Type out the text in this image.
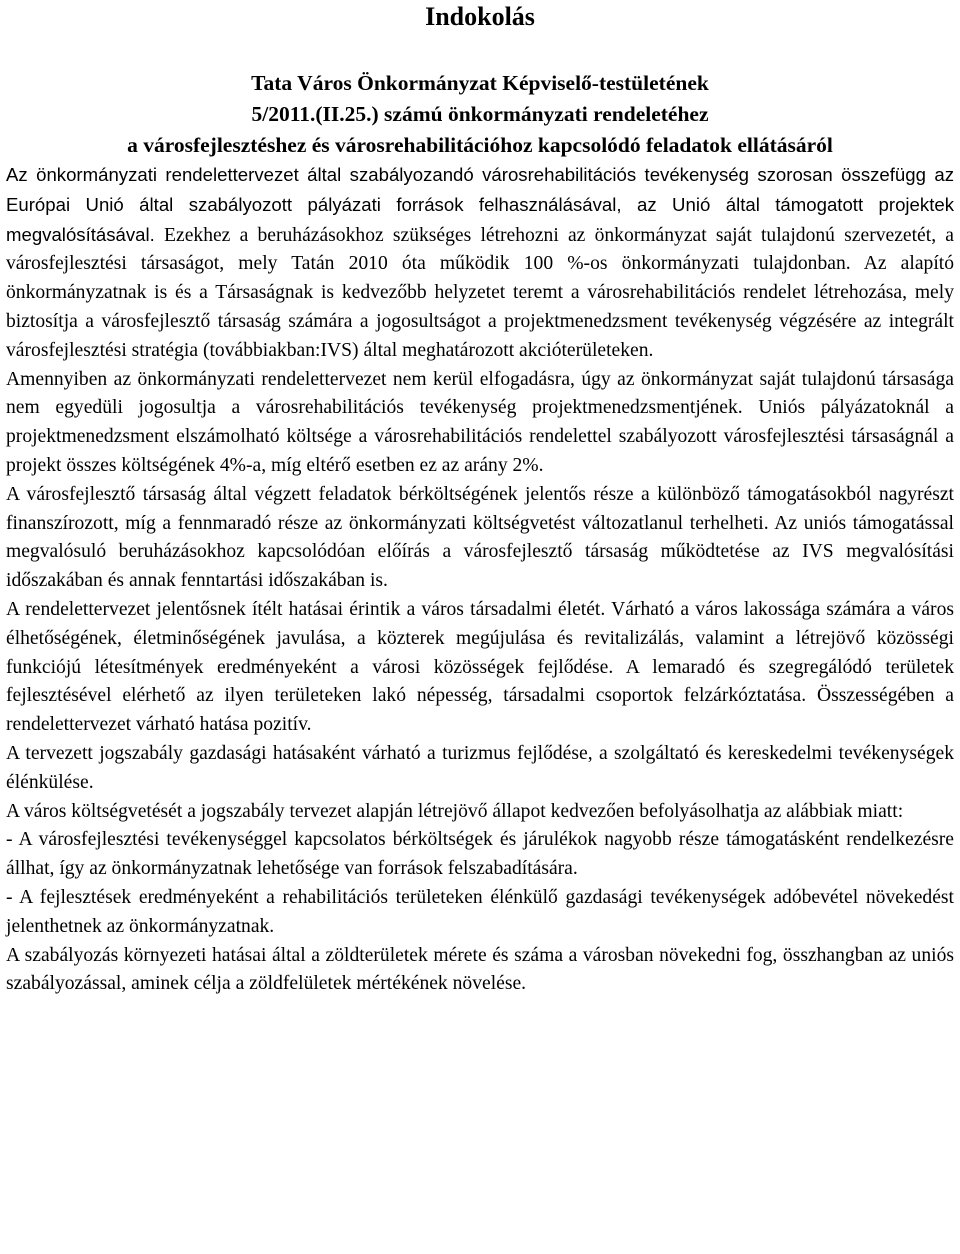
Indokolás
Tata Város Önkormányzat Képviselő-testületének
5/2011.(II.25.) számú önkormányzati rendeletéhez
a városfejlesztéshez és városrehabilitációhoz kapcsolódó feladatok ellátásáról
Az önkormányzati rendelettervezet által szabályozandó városrehabilitációs tevékenység szorosan összefügg az Európai Unió által szabályozott pályázati források felhasználásával, az Unió által támogatott projektek megvalósításával. Ezekhez a beruházásokhoz szükséges létrehozni az önkormányzat saját tulajdonú szervezetét, a városfejlesztési társaságot, mely Tatán 2010 óta működik 100 %-os önkormányzati tulajdonban. Az alapító önkormányzatnak is és a Társaságnak is kedvezőbb helyzetet teremt a városrehabilitációs rendelet létrehozása, mely biztosítja a városfejlesztő társaság számára a jogosultságot a projektmenedzsment tevékenység végzésére az integrált városfejlesztési stratégia (továbbiakban:IVS) által meghatározott akcióterületeken.

Amennyiben az önkormányzati rendelettervezet nem kerül elfogadásra, úgy az önkormányzat saját tulajdonú társasága nem egyedüli jogosultja a városrehabilitációs tevékenység projektmenedzsmentjének. Uniós pályázatoknál a projektmenedzsment elszámolható költsége a városrehabilitációs rendelettel szabályozott városfejlesztési társaságnál a projekt összes költségének 4%-a, míg eltérő esetben ez az arány 2%.

A városfejlesztő társaság által végzett feladatok bérköltségének jelentős része a különböző támogatásokból nagyrészt finanszírozott, míg a fennmaradó része az önkormányzati költségvetést változatlanul terhelheti. Az uniós támogatással megvalósuló beruházásokhoz kapcsolódóan előírás a városfejlesztő társaság működtetése az IVS megvalósítási időszakában és annak fenntartási időszakában is.

A rendelettervezet jelentősnek ítélt hatásai érintik a város társadalmi életét. Várható a város lakossága számára a város élhetőségének, életminőségének javulása, a közterek megújulása és revitalizálás, valamint a létrejövő közösségi funkciójú létesítmények eredményeként a városi közösségek fejlődése. A lemaradó és szegregálódó területek fejlesztésével elérhető az ilyen területeken lakó népesség, társadalmi csoportok felzárkóztatása. Összességében a rendelettervezet várható hatása pozitív.

A tervezett jogszabály gazdasági hatásaként várható a turizmus fejlődése, a szolgáltató és kereskedelmi tevékenységek élénkülése.

A város költségvetését a jogszabály tervezet alapján létrejövő állapot kedvezően befolyásolhatja az alábbiak miatt:

- A városfejlesztési tevékenységgel kapcsolatos bérköltségek és járulékok nagyobb része támogatásként rendelkezésre állhat, így az önkormányzatnak lehetősége van források felszabadítására.

- A fejlesztések eredményeként a rehabilitációs területeken élénkülő gazdasági tevékenységek adóbevétel növekedést jelenthetnek az önkormányzatnak.

A szabályozás környezeti hatásai által a zöldterületek mérete és száma a városban növekedni fog, összhangban az uniós szabályozással, aminek célja a zöldfelületek mértékének növelése.
